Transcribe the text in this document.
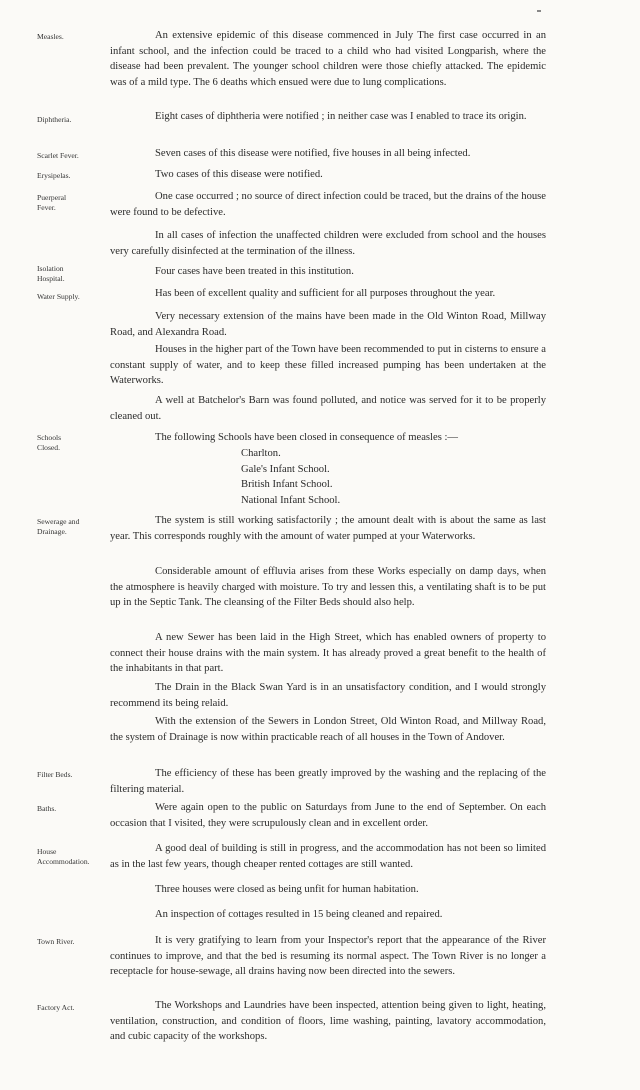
Measles.
Diphtheria.
Scarlet Fever.
Erysipelas.
Puerperal Fever.
Isolation Hospital.
Water Supply.
Schools Closed.
Sewerage and Drainage.
Filter Beds.
Baths.
House Accommodation.
Town River.
Factory Act.

An extensive epidemic of this disease commenced in July The first case occurred in an infant school, and the infection could be traced to a child who had visited Longparish, where the disease had been prevalent. The younger school children were those chiefly attacked. The epidemic was of a mild type. The 6 deaths which ensued were due to lung complications.

Eight cases of diphtheria were notified ; in neither case was I enabled to trace its origin.

Seven cases of this disease were notified, five houses in all being infected.

Two cases of this disease were notified.

One case occurred ; no source of direct infection could be traced, but the drains of the house were found to be defective.

In all cases of infection the unaffected children were excluded from school and the houses very carefully disinfected at the termination of the illness.

Four cases have been treated in this institution.

Has been of excellent quality and sufficient for all purposes throughout the year.

Very necessary extension of the mains have been made in the Old Winton Road, Millway Road, and Alexandra Road.

Houses in the higher part of the Town have been recommended to put in cisterns to ensure a constant supply of water, and to keep these filled increased pumping has been undertaken at the Waterworks.

A well at Batchelor's Barn was found polluted, and notice was served for it to be properly cleaned out.

The following Schools have been closed in consequence of measles :—

Charlton.
Gale's Infant School.
British Infant School.
National Infant School.

The system is still working satisfactorily ; the amount dealt with is about the same as last year. This corresponds roughly with the amount of water pumped at your Waterworks.

Considerable amount of effluvia arises from these Works especially on damp days, when the atmosphere is heavily charged with moisture. To try and lessen this, a ventilating shaft is to be put up in the Septic Tank. The cleansing of the Filter Beds should also help.

A new Sewer has been laid in the High Street, which has enabled owners of property to connect their house drains with the main system. It has already proved a great benefit to the health of the inhabitants in that part.

The Drain in the Black Swan Yard is in an unsatisfactory condition, and I would strongly recommend its being relaid.

With the extension of the Sewers in London Street, Old Winton Road, and Millway Road, the system of Drainage is now within practicable reach of all houses in the Town of Andover.

The efficiency of these has been greatly improved by the washing and the replacing of the filtering material.

Were again open to the public on Saturdays from June to the end of September. On each occasion that I visited, they were scrupulously clean and in excellent order.

A good deal of building is still in progress, and the accommodation has not been so limited as in the last few years, though cheaper rented cottages are still wanted.

Three houses were closed as being unfit for human habitation.

An inspection of cottages resulted in 15 being cleaned and repaired.

It is very gratifying to learn from your Inspector's report that the appearance of the River continues to improve, and that the bed is resuming its normal aspect. The Town River is no longer a receptacle for house-sewage, all drains having now been directed into the sewers.

The Workshops and Laundries have been inspected, attention being given to light, heating, ventilation, construction, and condition of floors, lime washing, painting, lavatory accommodation, and cubic capacity of the workshops.
